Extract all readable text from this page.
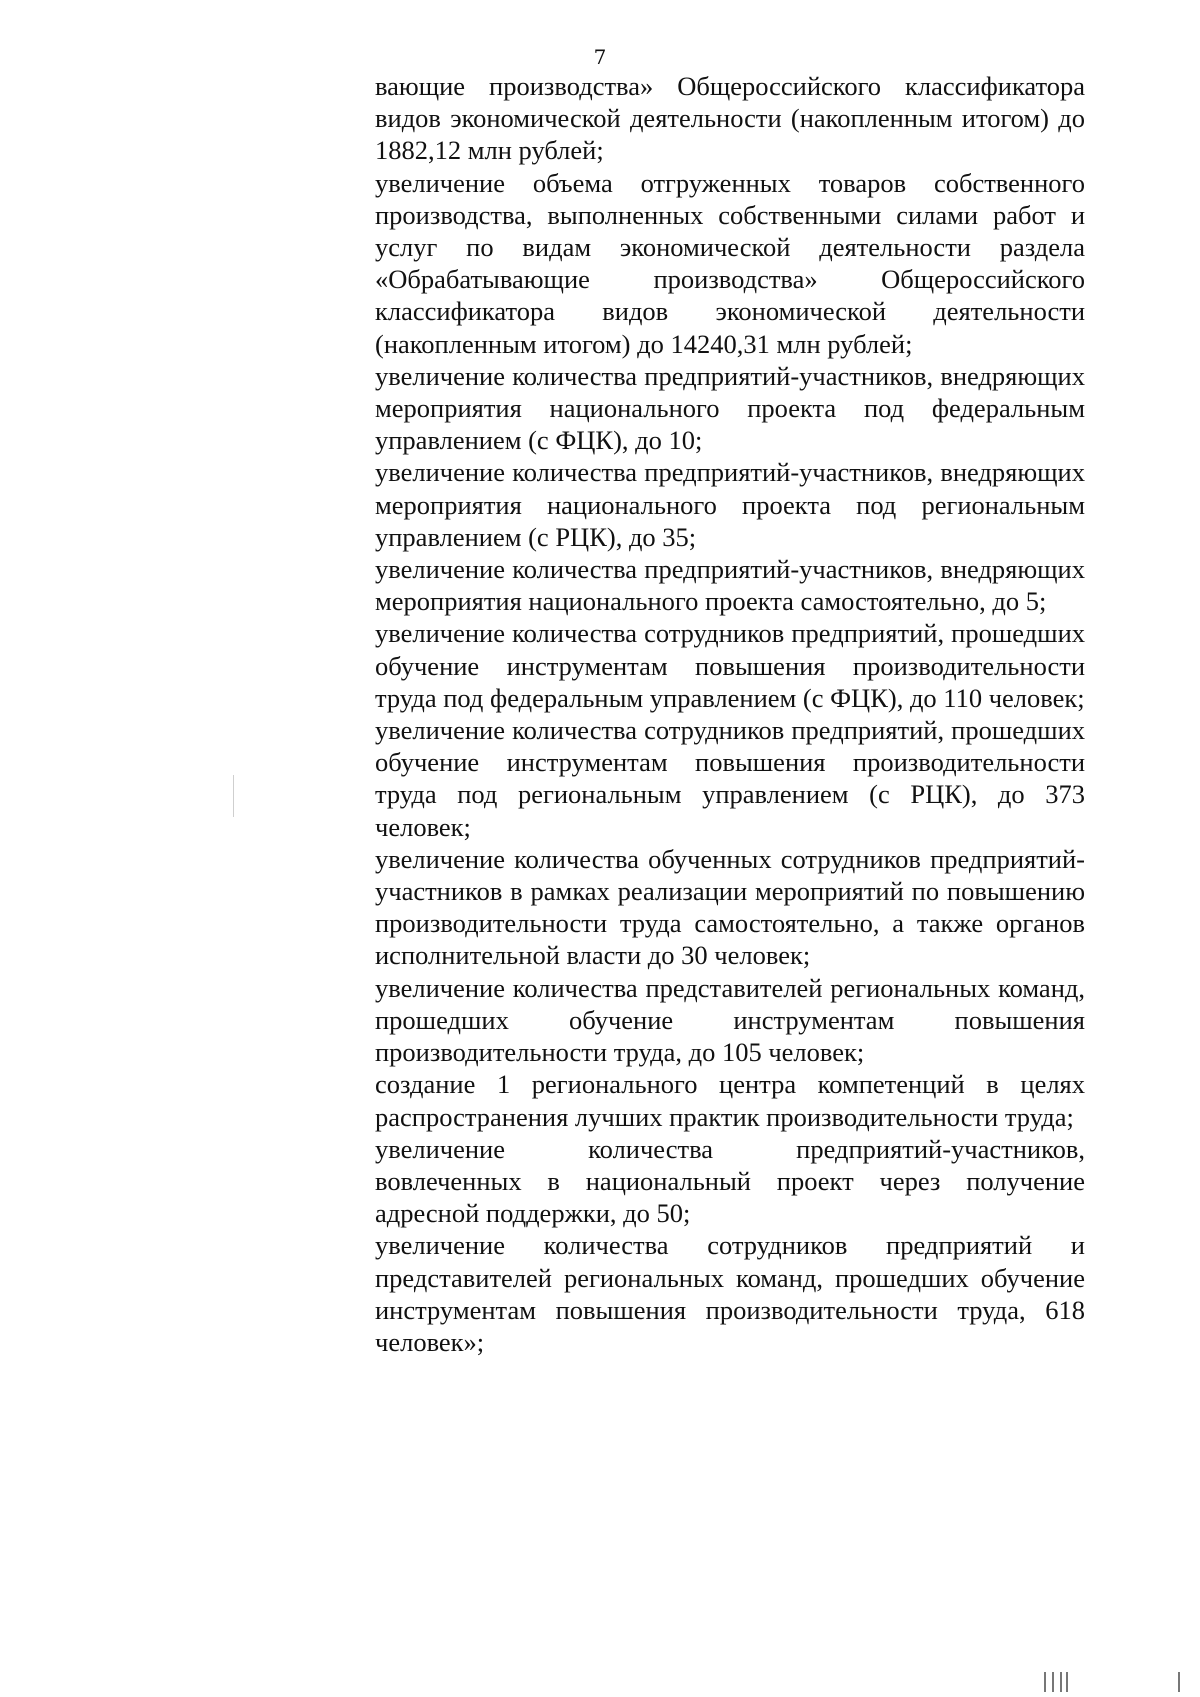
7

вающие производства» Общероссийского классификатора видов экономической деятельности (накопленным итогом) до 1882,12 млн рублей;

увеличение объема отгруженных товаров собственного производства, выполненных собственными силами работ и услуг по видам экономической деятельности раздела «Обрабатывающие производства» Общероссийского классификатора видов экономической деятельности (накопленным итогом) до 14240,31 млн рублей;

увеличение количества предприятий-участников, внедряющих мероприятия национального проекта под федеральным управлением (с ФЦК), до 10;

увеличение количества предприятий-участников, внедряющих мероприятия национального проекта под региональным управлением (с РЦК), до 35;

увеличение количества предприятий-участников, внедряющих мероприятия национального проекта самостоятельно, до 5;

увеличение количества сотрудников предприятий, прошедших обучение инструментам повышения производительности труда под федеральным управлением (с ФЦК), до 110 человек;

увеличение количества сотрудников предприятий, прошедших обучение инструментам повышения производительности труда под региональным управлением (с РЦК), до 373 человек;

увеличение количества обученных сотрудников предприятий-участников в рамках реализации мероприятий по повышению производительности труда самостоятельно, а также органов исполнительной власти до 30 человек;

увеличение количества представителей региональных команд, прошедших обучение инструментам повышения производительности труда, до 105 человек;

создание 1 регионального центра компетенций в целях распространения лучших практик производительности труда;

увеличение количества предприятий-участников, вовлеченных в национальный проект через получение адресной поддержки, до 50;

увеличение количества сотрудников предприятий и представителей региональных команд, прошедших обучение инструментам повышения производительности труда, 618 человек»;
